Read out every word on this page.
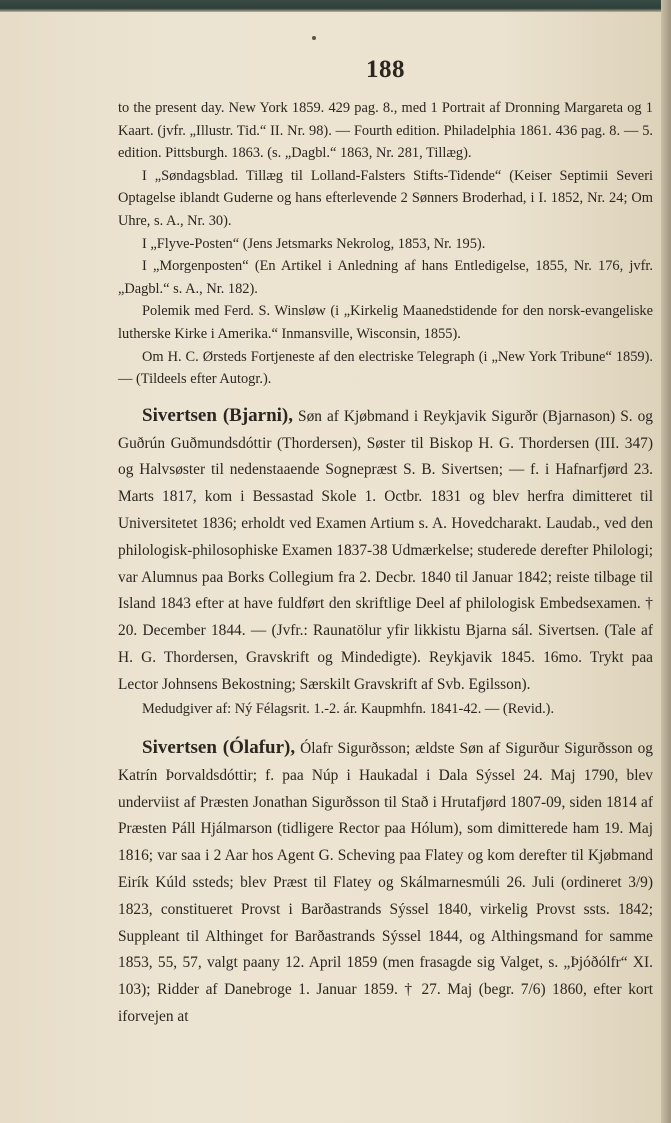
188

to the present day. New York 1859. 429 pag. 8., med 1 Portrait af Dronning Margareta og 1 Kaart. (jvfr. „Illustr. Tid.“ II. Nr. 98). — Fourth edition. Philadelphia 1861. 436 pag. 8. — 5. edition. Pittsburgh. 1863. (s. „Dagbl.“ 1863, Nr. 281, Tillæg).

I „Søndagsblad. Tillæg til Lolland-Falsters Stifts-Tidende“ (Keiser Septimii Severi Optagelse iblandt Guderne og hans efterlevende 2 Sønners Broderhad, i I. 1852, Nr. 24; Om Uhre, s. A., Nr. 30).

I „Flyve-Posten“ (Jens Jetsmarks Nekrolog, 1853, Nr. 195).

I „Morgenposten“ (En Artikel i Anledning af hans Entledigelse, 1855, Nr. 176, jvfr. „Dagbl.“ s. A., Nr. 182).

Polemik med Ferd. S. Winsløw (i „Kirkelig Maanedstidende for den norsk-evangeliske lutherske Kirke i Amerika.“ Inmansville, Wisconsin, 1855).

Om H. C. Ørsteds Fortjeneste af den electriske Telegraph (i „New York Tribune“ 1859). — (Tildeels efter Autogr.).

Sivertsen (Bjarni), Søn af Kjøbmand i Reykjavik Sigurðr (Bjarnason) S. og Guðrún Guðmundsdóttir (Thordersen), Søster til Biskop H. G. Thordersen (III. 347) og Halvsøster til nedenstaaende Sognepræst S. B. Sivertsen; — f. i Hafnarfjørd 23. Marts 1817, kom i Bessastad Skole 1. Octbr. 1831 og blev herfra dimitteret til Universitetet 1836; erholdt ved Examen Artium s. A. Hovedcharakt. Laudab., ved den philologisk-philosophiske Examen 1837-38 Udmærkelse; studerede derefter Philologi; var Alumnus paa Borks Collegium fra 2. Decbr. 1840 til Januar 1842; reiste tilbage til Island 1843 efter at have fuldført den skriftlige Deel af philologisk Embedsexamen. † 20. December 1844. — (Jvfr.: Raunatölur yfir likkistu Bjarna sál. Sivertsen. (Tale af H. G. Thordersen, Gravskrift og Mindedigte). Reykjavik 1845. 16mo. Trykt paa Lector Johnsens Bekostning; Særskilt Gravskrift af Svb. Egilsson).

Medudgiver af: Ný Félagsrit. 1.-2. ár. Kaupmhfn. 1841-42. — (Revid.).

Sivertsen (Ólafur), Ólafr Sigurðsson; ældste Søn af Sigurður Sigurðsson og Katrín Þorvaldsdóttir; f. paa Núp i Haukadal i Dala Sýssel 24. Maj 1790, blev underviist af Præsten Jonathan Sigurðsson til Stað i Hrutafjørd 1807-09, siden 1814 af Præsten Páll Hjálmarson (tidligere Rector paa Hólum), som dimitterede ham 19. Maj 1816; var saa i 2 Aar hos Agent G. Scheving paa Flatey og kom derefter til Kjøbmand Eirík Kúld ssteds; blev Præst til Flatey og Skálmarnesmúli 26. Juli (ordineret 3/9) 1823, constitueret Provst i Barðastrands Sýssel 1840, virkelig Provst ssts. 1842; Suppleant til Althinget for Barðastrands Sýssel 1844, og Althingsmand for samme 1853, 55, 57, valgt paany 12. April 1859 (men frasagde sig Valget, s. „Þjóðólfr“ XI. 103); Ridder af Danebroge 1. Januar 1859. † 27. Maj (begr. 7/6) 1860, efter kort iforvejen at
